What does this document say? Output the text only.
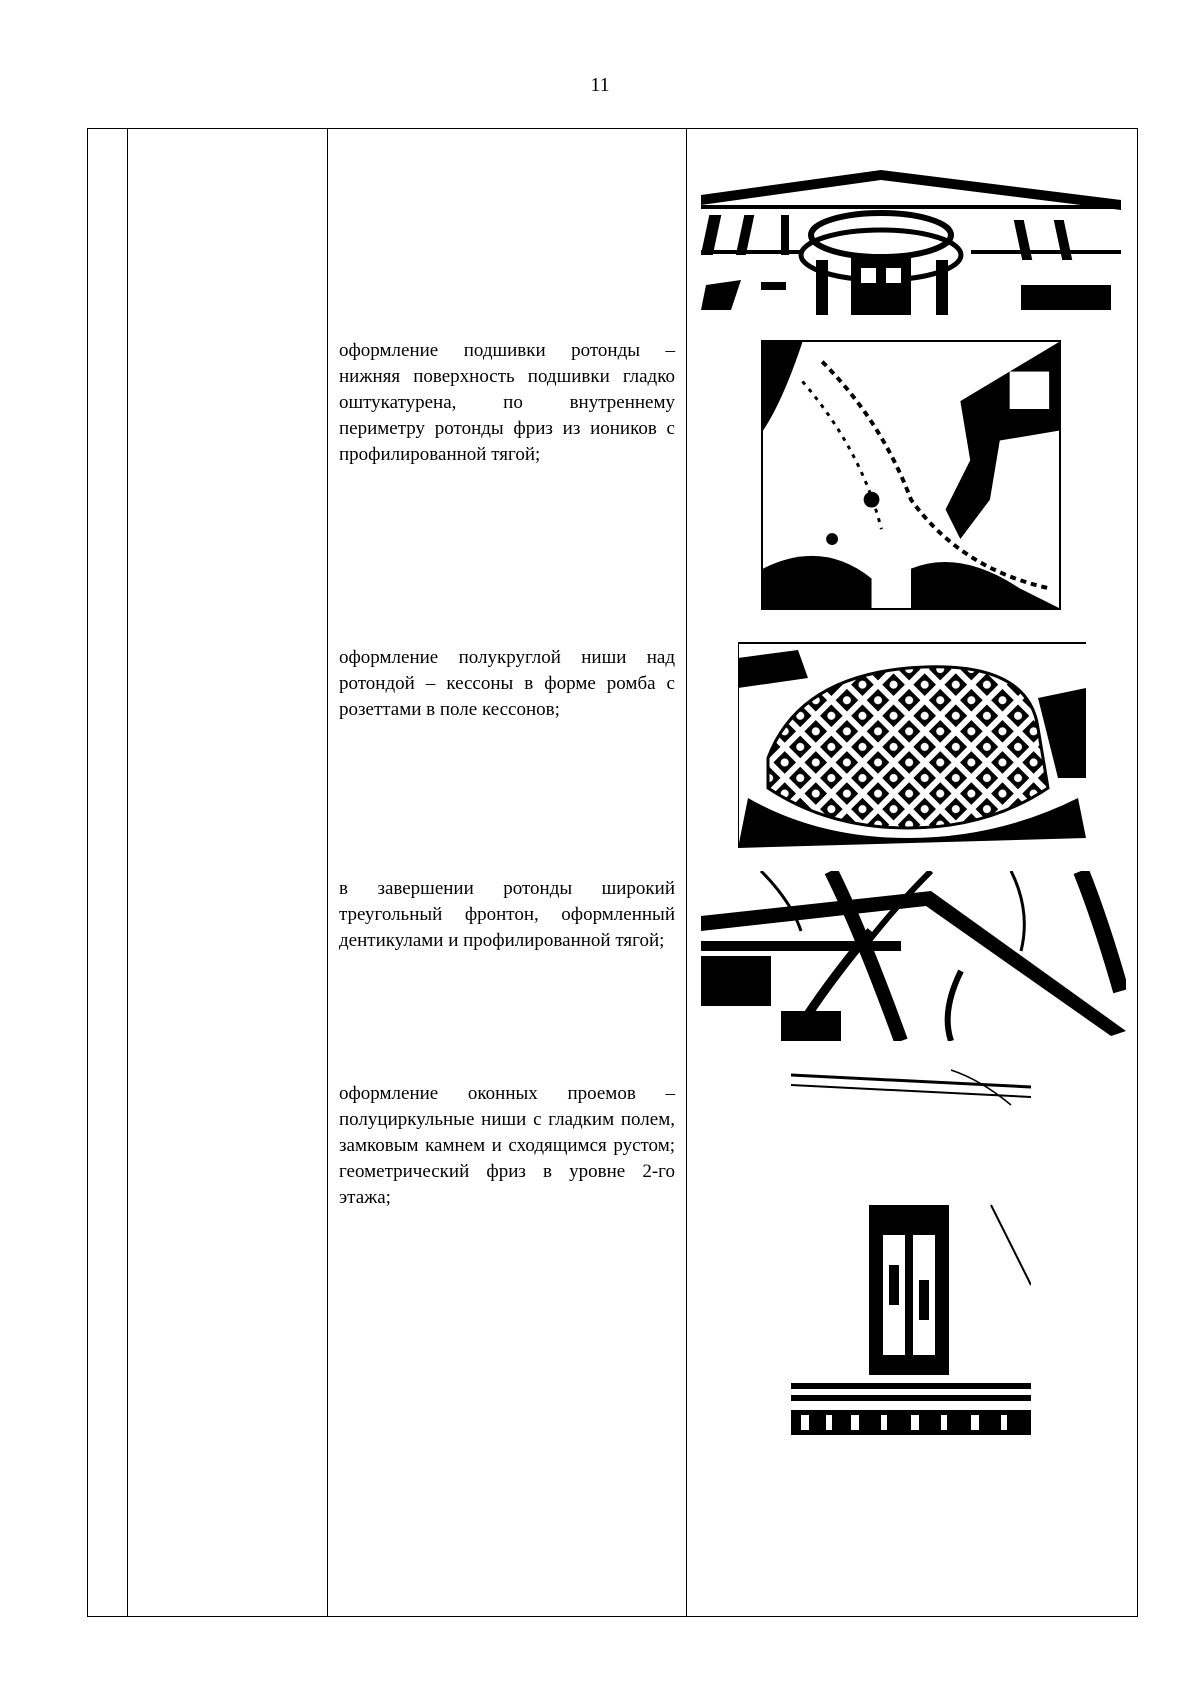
11
оформление подшивки ротонды – нижняя поверхность подшивки гладко оштукатурена, по внутреннему периметру ротонды фриз из иоников с профилированной тягой;
оформление полукруглой ниши над ротондой – кессоны в форме ромба с розеттами в поле кессонов;
в завершении ротонды широкий треугольный фронтон, оформленный дентикулами и профилированной тягой;
оформление оконных проемов – полуциркульные ниши с гладким полем, замковым камнем и сходящимся рустом; геометрический фриз в уровне 2-го этажа;
